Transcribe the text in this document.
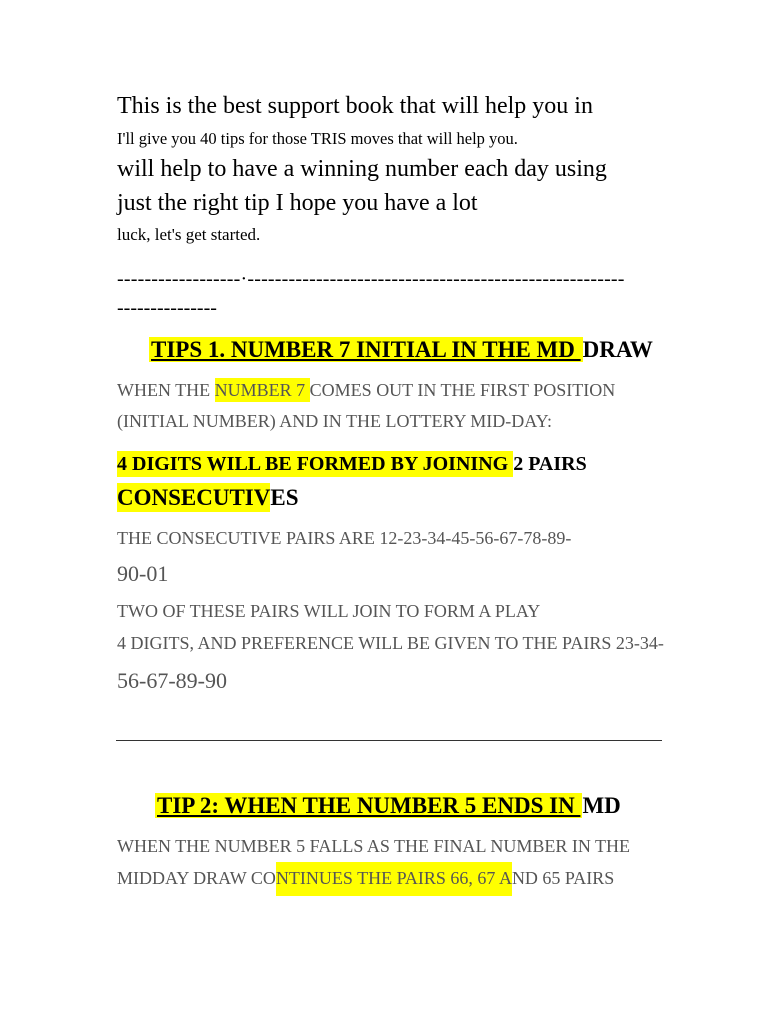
This is the best support book that will help you in
I'll give you 40 tips for those TRIS moves that will help you.
will help to have a winning number each day using
just the right tip I hope you have a lot
luck, let's get started.
------------------·-------------------------------------------------------
---------------
TIPS 1. NUMBER 7 INITIAL IN THE MD DRAW
WHEN THE NUMBER 7 COMES OUT IN THE FIRST POSITION
(INITIAL NUMBER) AND IN THE LOTTERY MID-DAY:
4 DIGITS WILL BE FORMED BY JOINING 2 PAIRS
CONSECUTIVES
THE CONSECUTIVE PAIRS ARE 12-23-34-45-56-67-78-89-
90-01
TWO OF THESE PAIRS WILL JOIN TO FORM A PLAY
4 DIGITS, AND PREFERENCE WILL BE GIVEN TO THE PAIRS 23-34-
56-67-89-90
TIP 2: WHEN THE NUMBER 5 ENDS IN MD
WHEN THE NUMBER 5 FALLS AS THE FINAL NUMBER IN THE
MIDDAY DRAW CONTINUES THE PAIRS 66, 67 AND 65 PAIRS
